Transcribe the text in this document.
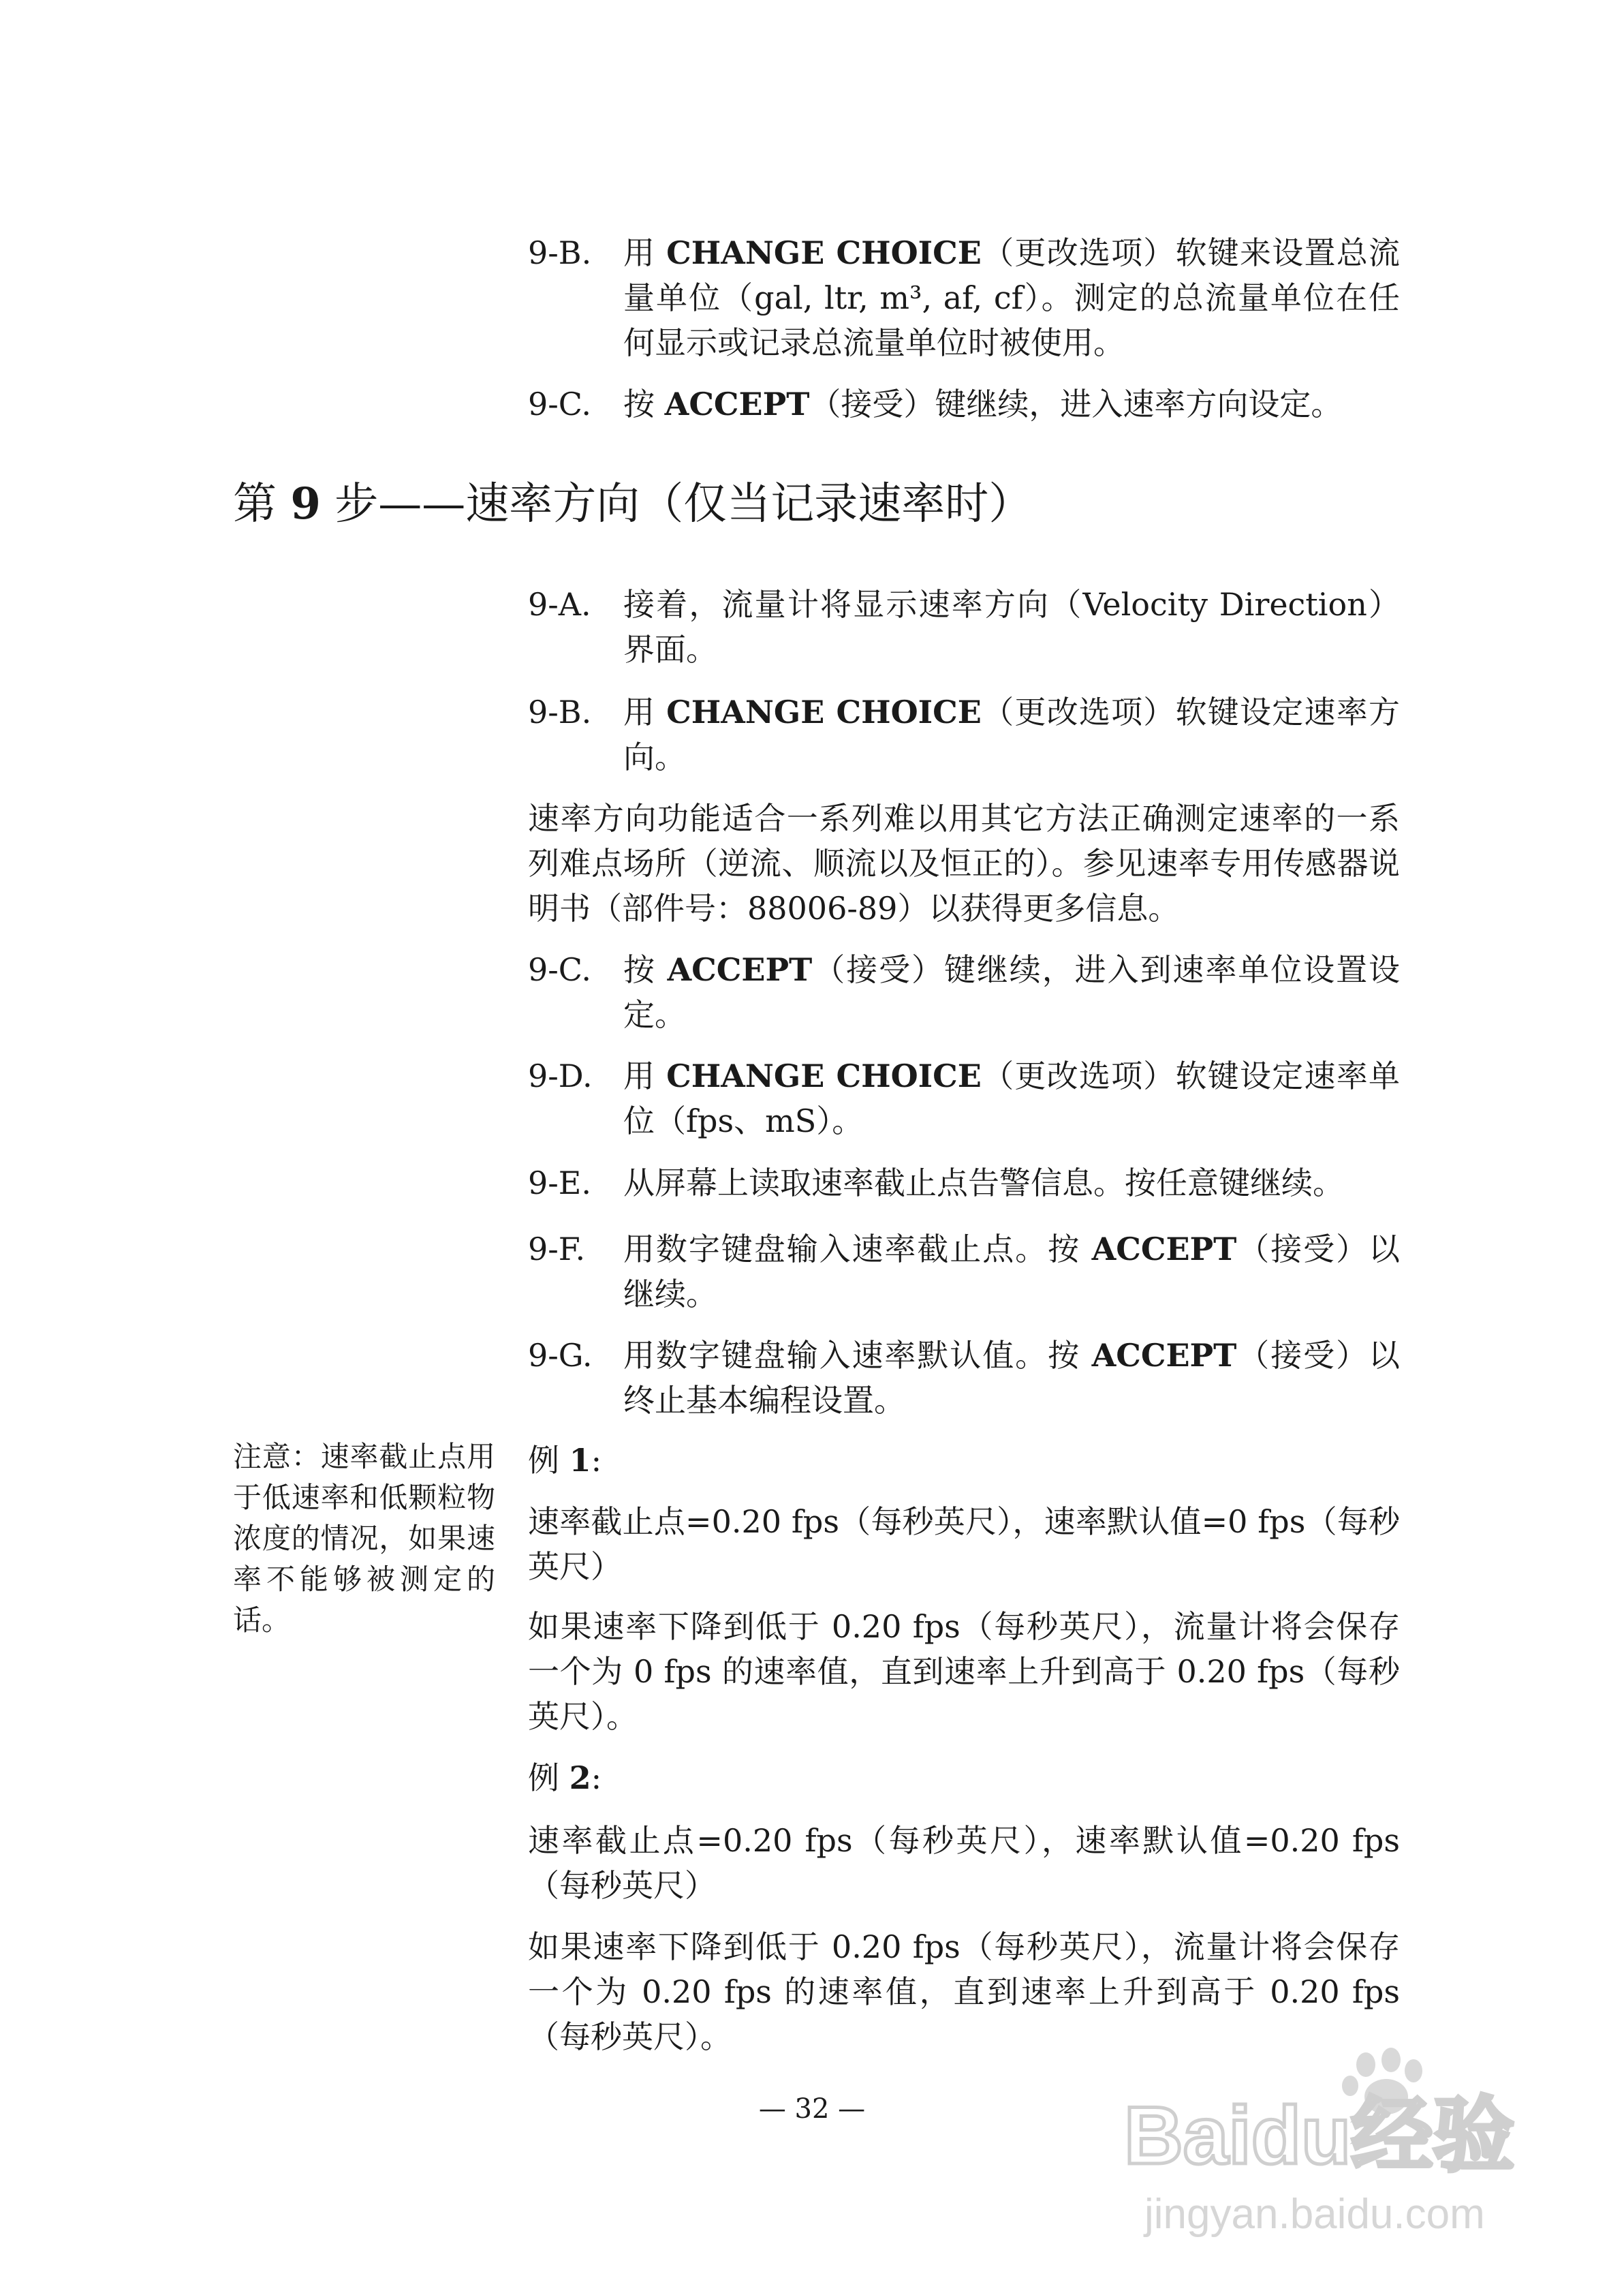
9-B.	用 CHANGE CHOICE（更改选项）软键来设置总流量单位（gal, ltr, m³, af, cf）。测定的总流量单位在任何显示或记录总流量单位时被使用。
9-C.	按 ACCEPT（接受）键继续，进入速率方向设定。
第 9 步——速率方向（仅当记录速率时）
9-A.	接着，流量计将显示速率方向（Velocity Direction）界面。
9-B.	用 CHANGE CHOICE（更改选项）软键设定速率方向。
速率方向功能适合一系列难以用其它方法正确测定速率的一系列难点场所（逆流、顺流以及恒正的）。参见速率专用传感器说明书（部件号：88006-89）以获得更多信息。
9-C.	按 ACCEPT（接受）键继续，进入到速率单位设置设定。
9-D. 用 CHANGE CHOICE（更改选项）软键设定速率单位（fps、mS）。
9-E.	从屏幕上读取速率截止点告警信息。按任意键继续。
9-F.	用数字键盘输入速率截止点。按 ACCEPT（接受）以继续。
9-G. 用数字键盘输入速率默认值。按 ACCEPT（接受）以终止基本编程设置。
注意：速率截止点用于低速率和低颗粒物浓度的情况，如果速率不能够被测定的话。
例 1:
速率截止点=0.20 fps（每秒英尺），速率默认值=0 fps（每秒英尺）
如果速率下降到低于 0.20 fps（每秒英尺），流量计将会保存一个为 0 fps 的速率值，直到速率上升到高于 0.20 fps（每秒英尺）。
例 2:
速率截止点=0.20 fps（每秒英尺），速率默认值=0.20 fps（每秒英尺）
如果速率下降到低于 0.20 fps（每秒英尺），流量计将会保存一个为 0.20 fps 的速率值，直到速率上升到高于 0.20 fps（每秒英尺）。
— 32 —	Baidu经验
jingyan.baidu.com
